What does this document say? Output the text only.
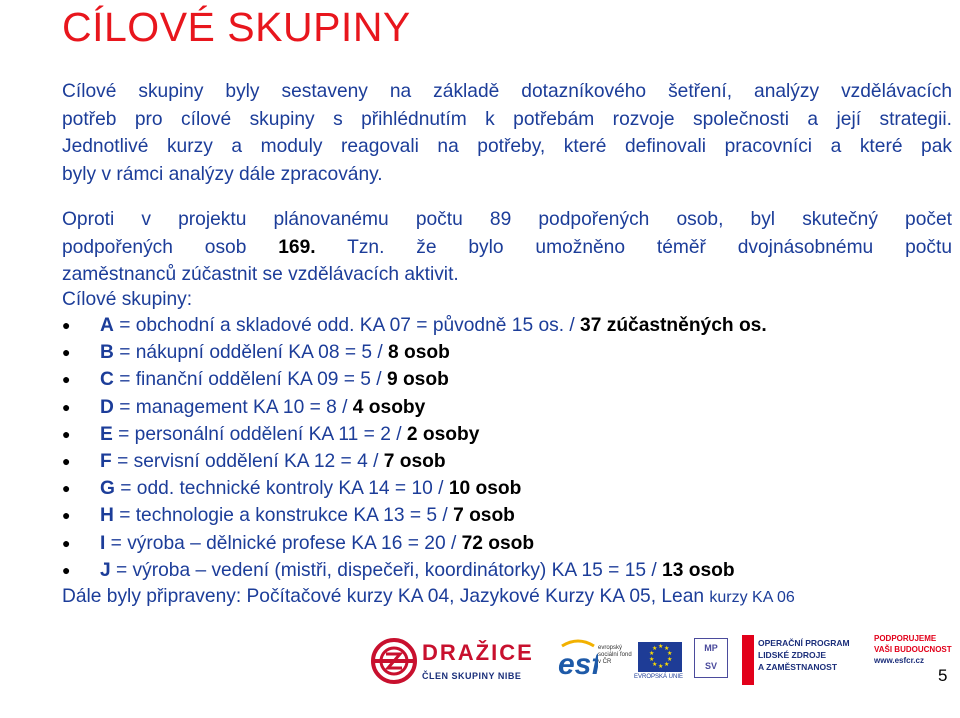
CÍLOVÉ SKUPINY
Cílové skupiny byly sestaveny na základě dotazníkového šetření, analýzy vzdělávacích
potřeb pro cílové skupiny s přihlédnutím k potřebám rozvoje společnosti a její strategii.
Jednotlivé kurzy a moduly reagovali na potřeby, které definovali pracovníci a které pak
byly v rámci analýzy dále zpracovány.
Oproti v projektu plánovanému počtu 89 podpořených osob, byl skutečný počet
podpořených osob 169. Tzn. že bylo umožněno téměř dvojnásobnému počtu
zaměstnanců zúčastnit se vzdělávacích aktivit.
Cílové skupiny:
● A = obchodní a skladové odd. KA 07 = původně 15 os. / 37 zúčastněných os.
● B = nákupní oddělení KA 08 = 5 / 8 osob
● C = finanční oddělení KA 09 = 5 / 9 osob
● D = management KA 10 = 8 / 4 osoby
● E = personální oddělení KA 11 = 2 / 2 osoby
● F = servisní oddělení KA 12 = 4 / 7 osob
● G = odd. technické kontroly KA 14 = 10 / 10 osob
● H = technologie a konstrukce KA 13 = 5 / 7 osob
● I = výroba – dělnické profese KA 16 = 20 / 72 osob
● J = výroba – vedení (mistři, dispečeři, koordinátorky) KA 15 = 15 / 13 osob
Dále byly připraveny: Počítačové kurzy KA 04, Jazykové Kurzy KA 05, Lean kurzy KA 06
DRAŽICE
ČLEN SKUPINY NIBE esf
evropský sociální fond v ČR
★ ★
★
★
★
★
★
★
★
★
EVROPSKÁ UNIE
MP
SV
OPERAČNÍ PROGRAM
LIDSKÉ ZDROJE
A ZAMĚSTNANOST
PODPORUJEME
VAŠI BUDOUCNOST
www.esfcr.cz
5
